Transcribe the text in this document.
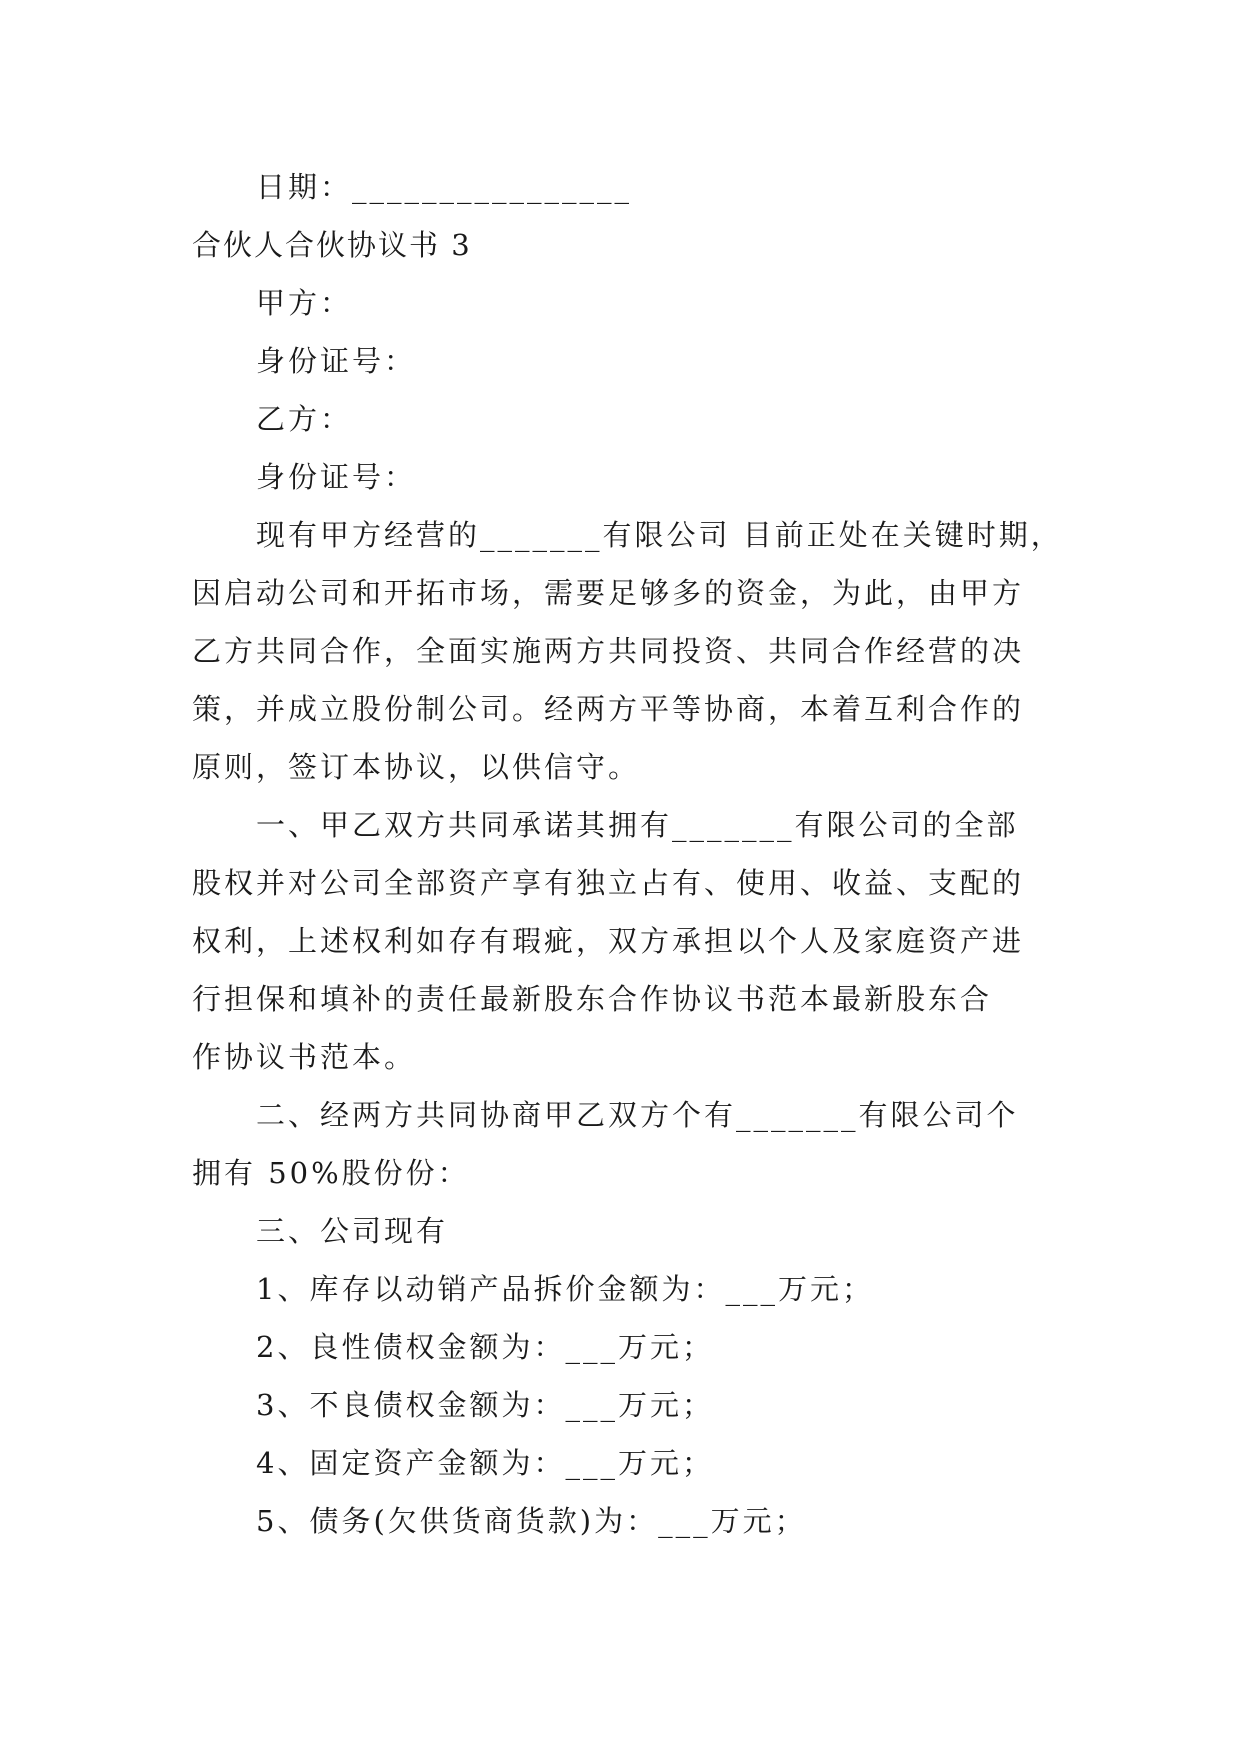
日期：________________
合伙人合伙协议书 3
甲方：
身份证号：
乙方：
身份证号：
现有甲方经营的_______有限公司 目前正处在关键时期，
因启动公司和开拓市场，需要足够多的资金，为此，由甲方
乙方共同合作，全面实施两方共同投资、共同合作经营的决
策，并成立股份制公司。经两方平等协商，本着互利合作的
原则，签订本协议，以供信守。
一、甲乙双方共同承诺其拥有_______有限公司的全部
股权并对公司全部资产享有独立占有、使用、收益、支配的
权利，上述权利如存有瑕疵，双方承担以个人及家庭资产进
行担保和填补的责任最新股东合作协议书范本最新股东合
作协议书范本。
二、经两方共同协商甲乙双方个有_______有限公司个
拥有 50%股份份：
三、公司现有
1、库存以动销产品拆价金额为：___万元；
2、良性债权金额为：___万元；
3、不良债权金额为：___万元；
4、固定资产金额为：___万元；
5、债务(欠供货商货款)为：___万元；
